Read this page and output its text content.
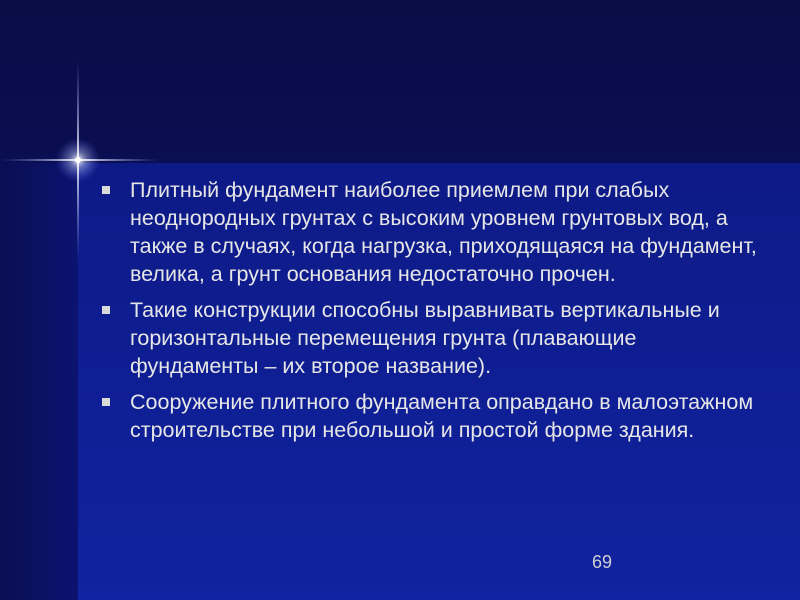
Плитный фундамент наиболее приемлем при слабых неоднородных грунтах с высоким уровнем грунтовых вод, а также в случаях, когда нагрузка, приходящаяся на фундамент, велика, а грунт основания недостаточно прочен.
Такие конструкции способны выравнивать вертикальные и горизонтальные перемещения грунта (плавающие фундаменты – их второе название).
Сооружение плитного фундамента оправдано в малоэтажном строительстве при небольшой и простой форме здания.
69
